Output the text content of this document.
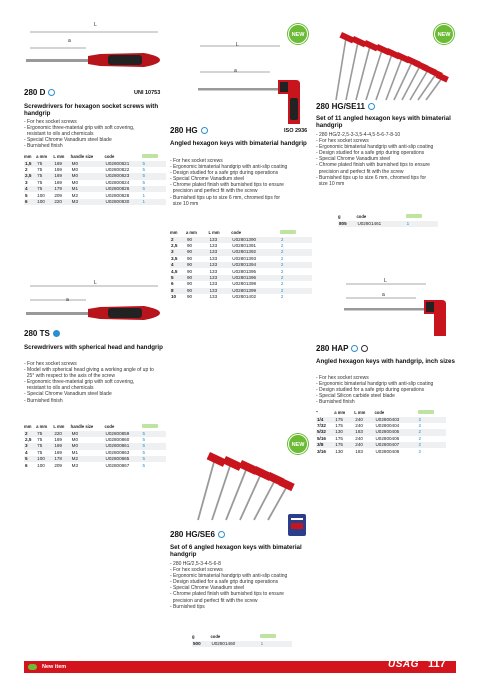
L
a
280 D	UNI 10753
Screwdrivers for hexagon socket screws with handgrip
- For hex socket screws
- Ergonomic three-material grip with soft covering,
resistant to oils and chemicals
- Special Chrome Vanadium steel blade
- Burnished finish
mm	a mm	L mm	handle size	code	
1,5	75	169	M0	U02800821	5
2	75	169	M0	U02800822	5
2,5	75	169	M0	U02800823	5
3	75	169	M0	U02800824	5
4	75	179	M1	U02800826	5
5	100	209	M2	U02800828	1
6	100	220	M3	U02800830	1
NEW
L
a
280 HG	ISO 2936
Angled hexagon keys with bimaterial handgrip
- For hex socket screws
- Ergonomic bimaterial handgrip with anti-slip coating
- Design studied for a safe grip during operations
- Special Chrome Vanadium steel
- Chrome plated finish with burnished tips to ensure
precision and perfect fit with the screw
- Burnished tips up to size 6 mm, chromed tips for
size 10 mm
mm	a mm	L mm	code	
2	90	133	U02801390	2
2,5	90	133	U02801391	2
3	90	133	U02801392	2
3,5	90	133	U02801393	2
4	90	133	U02801394	2
4,5	90	133	U02801395	2
5	90	133	U02801396	2
6	90	133	U02801398	2
8	90	133	U02801399	2
10	90	133	U02801402	2
NEW
280 HG/SE11
Set of 11 angled hexagon keys with bimaterial handgrip
- 280 HG/2-2,5-3-3,5-4-4,5-5-6-7-8-10
- For hex socket screws
- Ergonomic bimaterial handgrip with anti-slip coating
- Design studied for a safe grip during operations
- Special Chrome Vanadium steel
- Chrome plated finish with burnished tips to ensure
precision and perfect fit with the screw
- Burnished tips up to size 6 mm, chromed tips for
size 10 mm
g	code	
805	U02801461	1
L
a
280 TS
Screwdrivers with spherical head and handgrip
- For hex socket screws
- Model with spherical head giving a working angle of up to
25° with respect to the axis of the screw
- Ergonomic three-material grip with soft covering,
resistant to oils and chemicals
- Special Chrome Vanadium steel blade
- Burnished finish
mm	a mm	L mm	handle size	code	
2	75	220	M0	U02800859	5
2,5	75	169	M0	U02800860	5
3	75	169	M0	U02800861	5
4	75	169	M1	U02800863	5
5	100	178	M2	U02800865	5
6	100	209	M3	U02800867	5
L
a
280 HAP
Angled hexagon keys with handgrip, inch sizes
- For hex socket screws
- Ergonomic bimaterial handgrip with anti-slip coating
- Design studied for a safe grip during operations
- Special Silicon carbide steel blade
- Burnished finish
"	a mm	L mm	code	
1/4	175	240	U02800403	2
7/32	175	240	U02800404	2
5/32	130	183	U02800405	2
5/16	175	240	U02800406	2
3/8	175	240	U02800407	2
3/16	130	183	U02800408	2
NEW
280 HG/SE6
Set of 6 angled hexagon keys with bimaterial handgrip
- 280 HG/2,5-3-4-5-6-8
- For hex socket screws
- Ergonomic bimaterial handgrip with anti-slip coating
- Design studied for a safe grip during operations
- Special Chrome Vanadium steel
- Chrome plated finish with burnished tips to ensure
precision and perfect fit with the screw
- Burnished tips
g	code	
500	U02801460	1
New item	USAG 117
